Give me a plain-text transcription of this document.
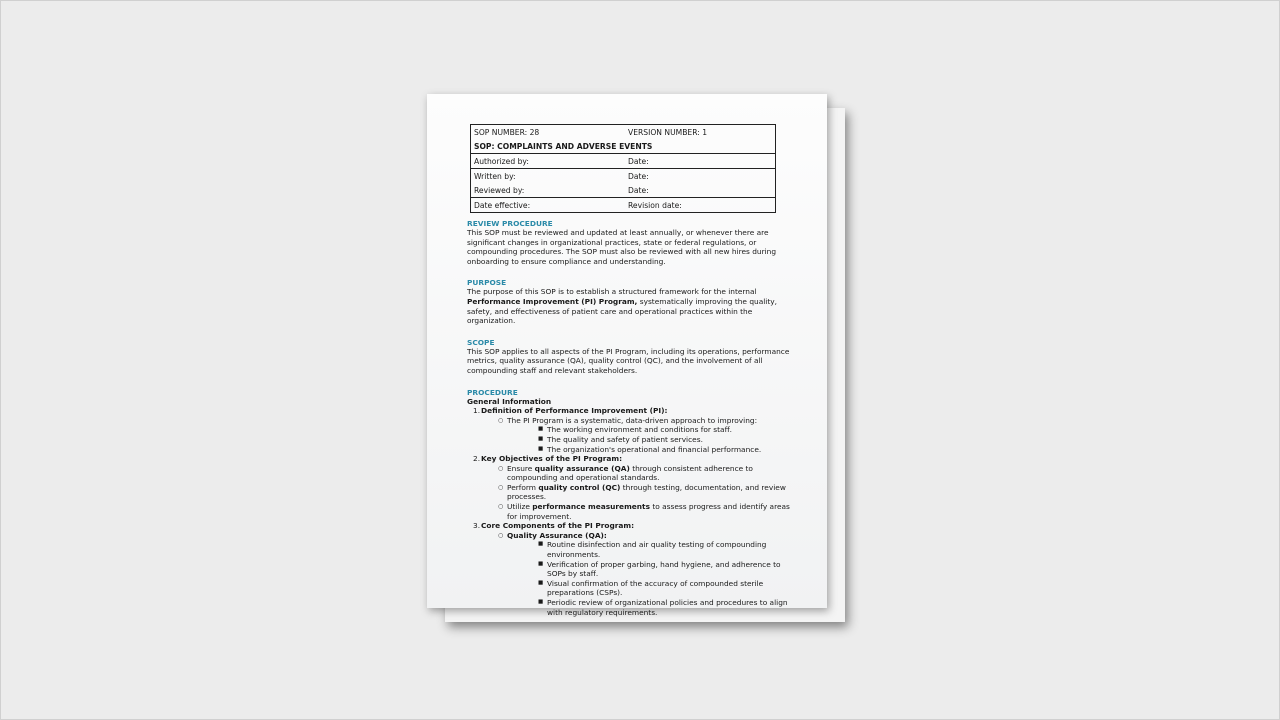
SOP NUMBER: 28	VERSION NUMBER: 1
SOP: COMPLAINTS AND ADVERSE EVENTS	
Authorized by:	Date:
Written by:	Date:
Reviewed by:	Date:
Date effective:	Revision date:
REVIEW PROCEDURE

This SOP must be reviewed and updated at least annually, or whenever there are significant changes in organizational practices, state or federal regulations, or compounding procedures. The SOP must also be reviewed with all new hires during onboarding to ensure compliance and understanding.

PURPOSE

The purpose of this SOP is to establish a structured framework for the internal Performance Improvement (PI) Program, systematically improving the quality, safety, and effectiveness of patient care and operational practices within the organization.

SCOPE

This SOP applies to all aspects of the PI Program, including its operations, performance metrics, quality assurance (QA), quality control (QC), and the involvement of all compounding staff and relevant stakeholders.

PROCEDURE
General Information
1. Definition of Performance Improvement (PI):
○ The PI Program is a systematic, data-driven approach to improving:
■ The working environment and conditions for staff.
■ The quality and safety of patient services.
■ The organization's operational and financial performance.
2. Key Objectives of the PI Program:
○ Ensure quality assurance (QA) through consistent adherence to compounding and operational standards.
○ Perform quality control (QC) through testing, documentation, and review processes.
○ Utilize performance measurements to assess progress and identify areas for improvement.
3. Core Components of the PI Program:
○ Quality Assurance (QA):
■ Routine disinfection and air quality testing of compounding environments.
■ Verification of proper garbing, hand hygiene, and adherence to SOPs by staff.
■ Visual confirmation of the accuracy of compounded sterile preparations (CSPs).
■ Periodic review of organizational policies and procedures to align with regulatory requirements.
